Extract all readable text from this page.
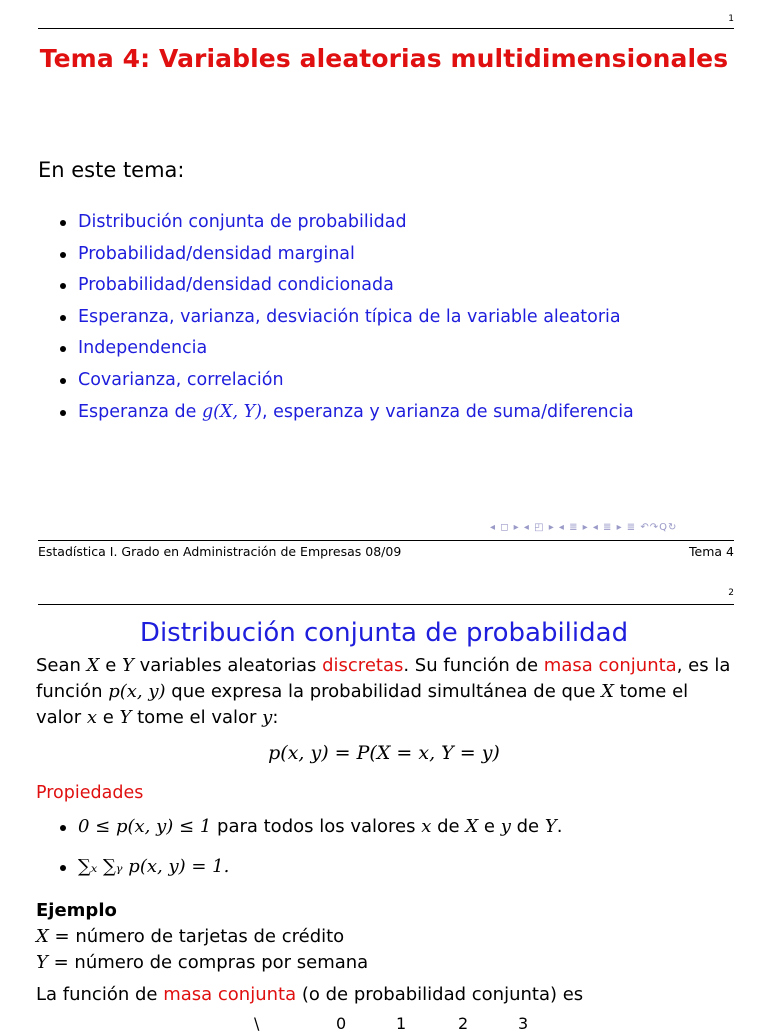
1
Tema 4: Variables aleatorias multidimensionales
En este tema:
Distribución conjunta de probabilidad
Probabilidad/densidad marginal
Probabilidad/densidad condicionada
Esperanza, varianza, desviación típica de la variable aleatoria
Independencia
Covarianza, correlación
Esperanza de g(X, Y), esperanza y varianza de suma/diferencia
◂ ◻ ▸ ◂ ◰ ▸ ◂ ≣ ▸ ◂ ≣ ▸ ≣ ↶↷Q↻
Estadística I. Grado en Administración de Empresas 08/09	Tema 4
2
Distribución conjunta de probabilidad
Sean X e Y variables aleatorias discretas. Su función de masa conjunta, es la función p(x, y) que expresa la probabilidad simultánea de que X tome el valor x e Y tome el valor y:
p(x, y) = P(X = x, Y = y)
Propiedades
0 ≤ p(x, y) ≤ 1 para todos los valores x de X e y de Y.
∑ₓ ∑ᵧ p(x, y) = 1.
Ejemplo
X = número de tarjetas de crédito
Y = número de compras por semana
La función de masa conjunta (o de probabilidad conjunta) es
\	0	1	2	3
